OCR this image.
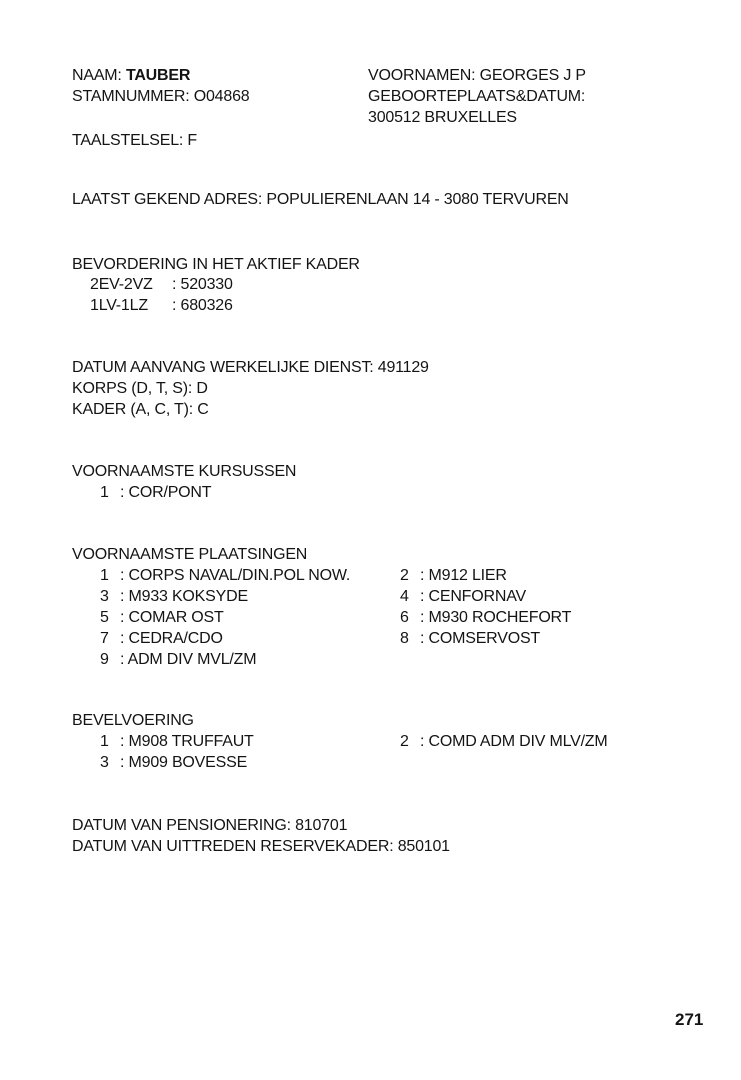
NAAM: TAUBER
STAMNUMMER: O04868
VOORNAMEN: GEORGES J P
GEBOORTEPLAATS&DATUM:
300512 BRUXELLES
TAALSTELSEL: F
LAATST GEKEND ADRES: POPULIERENLAAN 14 - 3080 TERVUREN
BEVORDERING IN HET AKTIEF KADER
2EV-2VZ	: 520330
1LV-1LZ	: 680326
DATUM AANVANG WERKELIJKE DIENST: 491129
KORPS (D, T, S): D
KADER (A, C, T): C
VOORNAAMSTE KURSUSSEN
1 : COR/PONT
VOORNAAMSTE PLAATSINGEN
1 : CORPS NAVAL/DIN.POL NOW.
3 : M933 KOKSYDE
5 : COMAR OST
7 : CEDRA/CDO
9 : ADM DIV MVL/ZM
2 : M912 LIER
4 : CENFORNAV
6 : M930 ROCHEFORT
8 : COMSERVOST
BEVELVOERING
1 : M908 TRUFFAUT
3 : M909 BOVESSE
2 : COMD ADM DIV MLV/ZM
DATUM VAN PENSIONERING: 810701
DATUM VAN UITTREDEN RESERVEKADER: 850101
271
